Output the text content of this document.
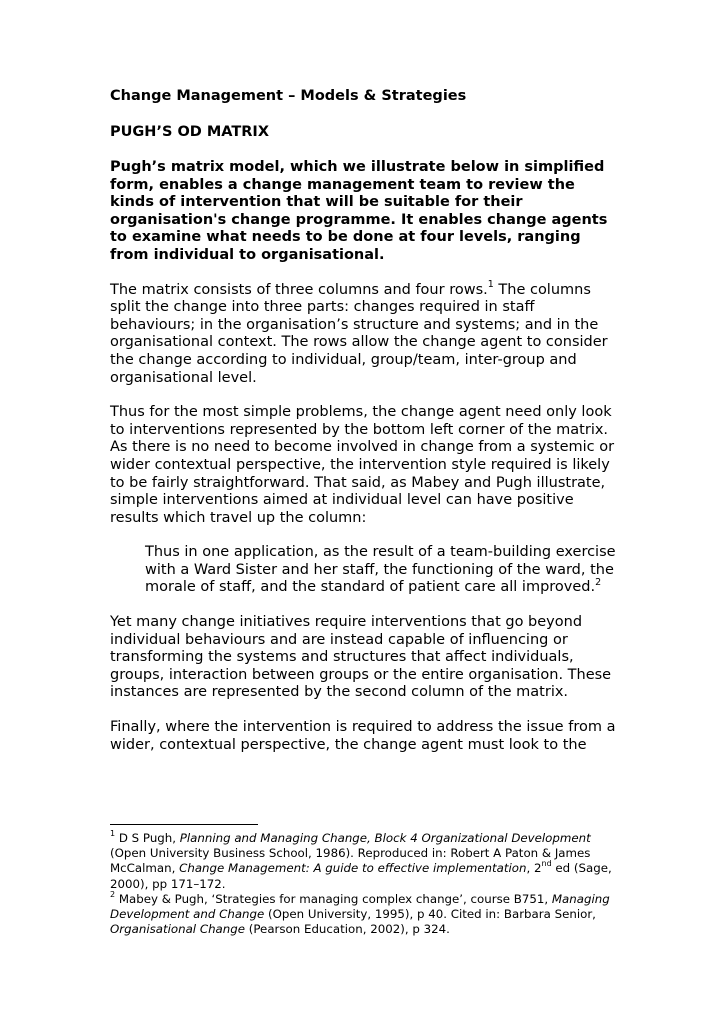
Change Management – Models & Strategies

PUGH’S OD MATRIX

Pugh’s matrix model, which we illustrate below in simplified form, enables a change management team to review the kinds of intervention that will be suitable for their organisation's change programme. It enables change agents to examine what needs to be done at four levels, ranging from individual to organisational.

The matrix consists of three columns and four rows.$^1$ The columns split the change into three parts: changes required in staff behaviours; in the organisation’s structure and systems; and in the organisational context. The rows allow the change agent to consider the change according to individual, group/team, inter-group and organisational level.

Thus for the most simple problems, the change agent need only look to interventions represented by the bottom left corner of the matrix. As there is no need to become involved in change from a systemic or wider contextual perspective, the intervention style required is likely to be fairly straightforward. That said, as Mabey and Pugh illustrate, simple interventions aimed at individual level can have positive results which travel up the column:

Thus in one application, as the result of a team-building exercise with a Ward Sister and her staff, the functioning of the ward, the morale of staff, and the standard of patient care all improved.$^2$

Yet many change initiatives require interventions that go beyond individual behaviours and are instead capable of influencing or transforming the systems and structures that affect individuals, groups, interaction between groups or the entire organisation. These instances are represented by the second column of the matrix.

Finally, where the intervention is required to address the issue from a wider, contextual perspective, the change agent must look to the

$^1$ D S Pugh, Planning and Managing Change, Block 4 Organizational Development (Open University Business School, 1986). Reproduced in: Robert A Paton & James McCalman, Change Management: A guide to effective implementation, 2nd ed (Sage, 2000), pp 171–172.

$^2$ Mabey & Pugh, ‘Strategies for managing complex change’, course B751, Managing Development and Change (Open University, 1995), p 40. Cited in: Barbara Senior, Organisational Change (Pearson Education, 2002), p 324.
